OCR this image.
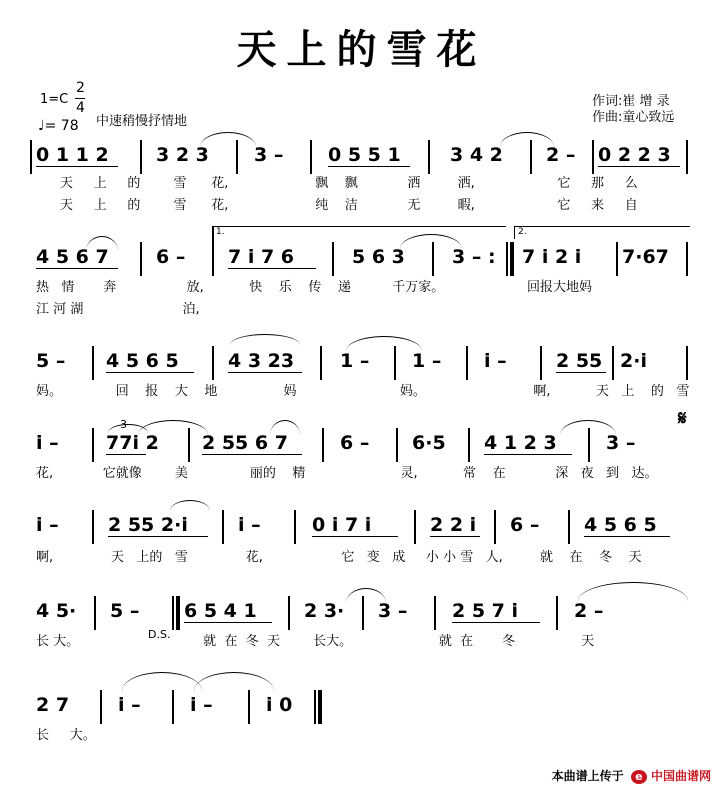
天上的雪花
1=C
2
4
♩= 78 中速稍慢抒情地
作词:崔 增 录
作曲:童心致远
0 1 1 2 3 2 3 3 – 0 5 5 1	3 4 2 2 – 0 2 2 3
天 上 的	雪 花,	飘 飘	洒	洒,	它 那 么
天 上 的	雪 花,	纯 洁	无	暇,	它 来 自
4 5 6 7 6 –
1.
7 i 7 6	5 6 3 3 – :
2.
7 i 2 i 7·67
热 情 奔	放,	快 乐 传 递	千万家。	回报大地妈
江 河 湖	泊,
5 – 4 5 6 5	4 3 23 1 – 1 – i –	2 55 2·i
妈。	回 报 大 地	妈	妈。	啊,	天 上 的 雪
𝄋
i –
3
77i 2 2 55 6 7	6 – 6·5 4 1 2 3	3 –
花,	它就像	美	丽的 精	灵,	常 在	深 夜 到 达。
i –	2 55 2·i	i –	0 i 7 i	2 2 i 6 – 4 5 6 5
啊,	天 上的 雪	花,	它 变 成 小 小 雪 人,	就 在 冬 天
4 5· 5 – 6 5 4 1 2 3· 3 – 2 5 7 i	2 –
D.S.
长 大。	就 在 冬 天	长大。	就 在 冬	天
2 7	i –	i –	i 0
长 大。
本曲谱上传于 e 中国曲谱网
